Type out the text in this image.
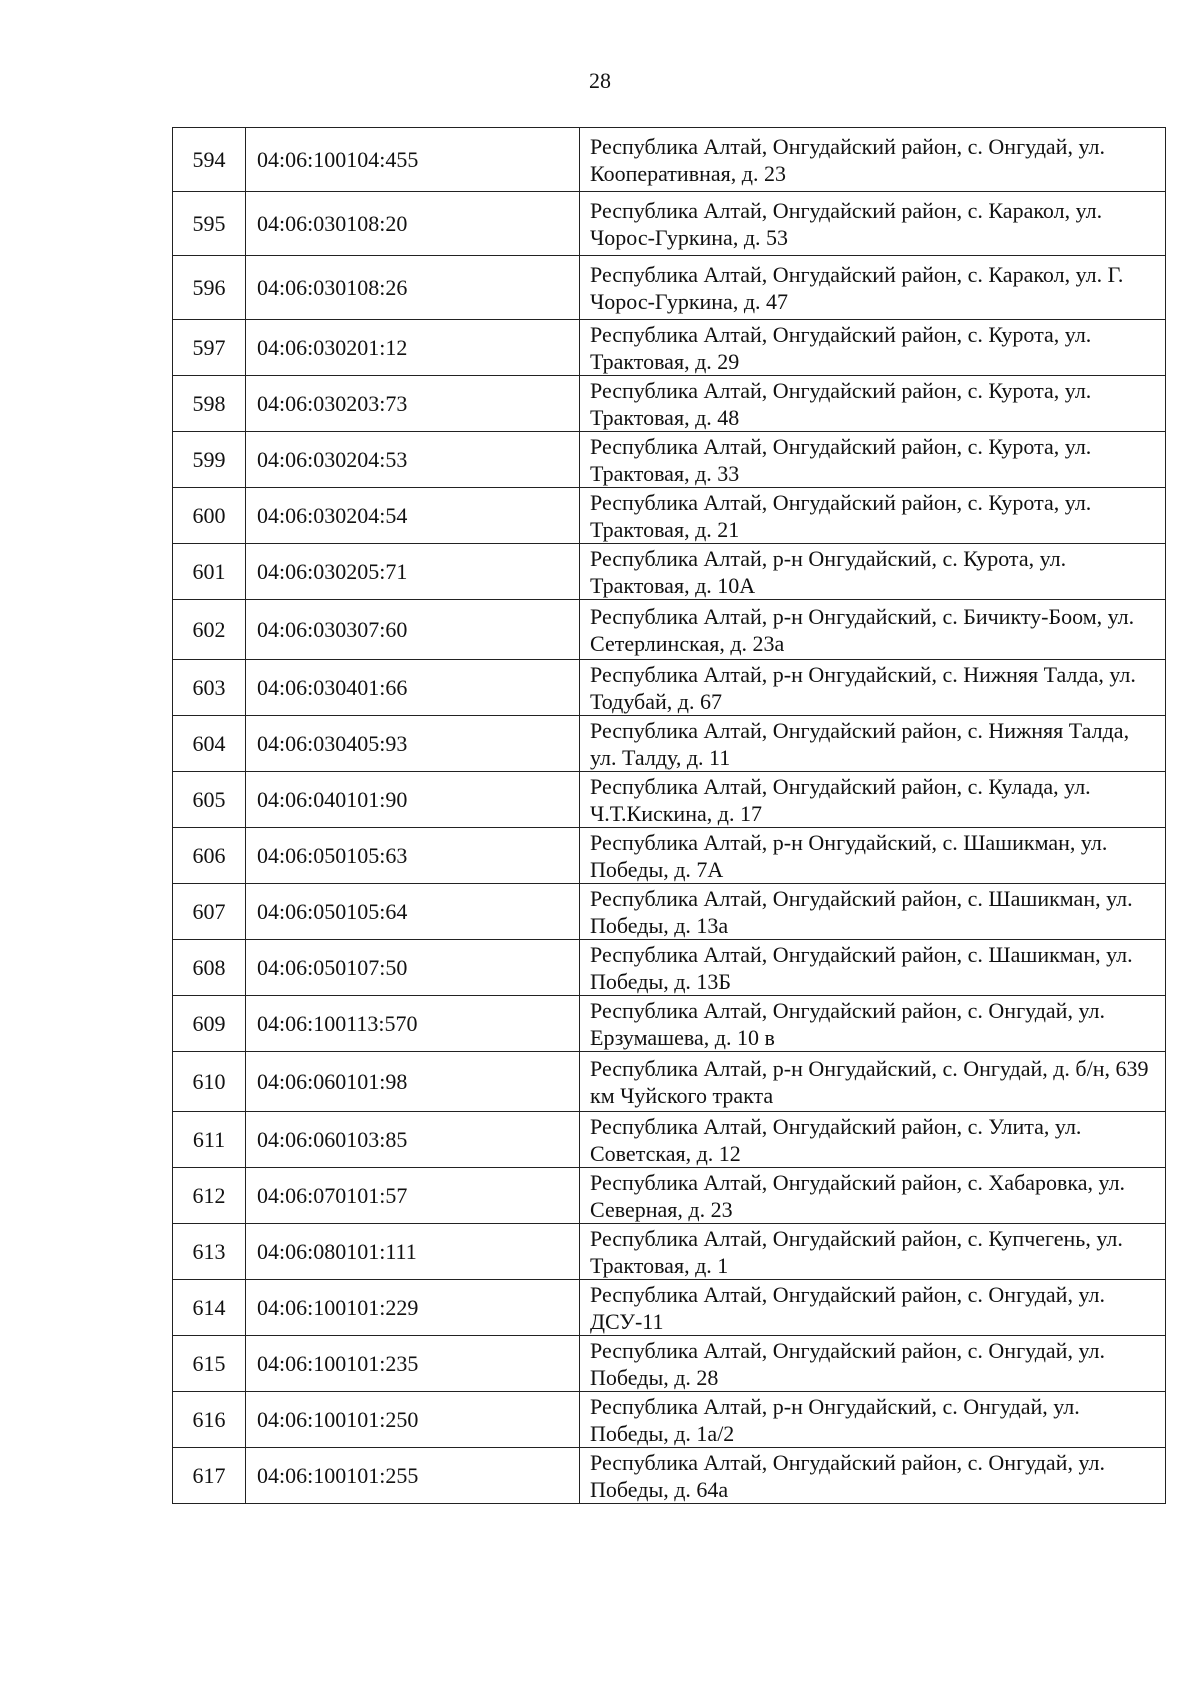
28
594	04:06:100104:455	Республика Алтай, Онгудайский район, с. Онгудай, ул. Кооперативная, д. 23
595	04:06:030108:20	Республика Алтай, Онгудайский район, с. Каракол, ул. Чорос-Гуркина, д. 53
596	04:06:030108:26	Республика Алтай, Онгудайский район, с. Каракол, ул. Г. Чорос-Гуркина, д. 47
597	04:06:030201:12	Республика Алтай, Онгудайский район, с. Курота, ул. Трактовая, д. 29
598	04:06:030203:73	Республика Алтай, Онгудайский район, с. Курота, ул. Трактовая, д. 48
599	04:06:030204:53	Республика Алтай, Онгудайский район, с. Курота, ул. Трактовая, д. 33
600	04:06:030204:54	Республика Алтай, Онгудайский район, с. Курота, ул. Трактовая, д. 21
601	04:06:030205:71	Республика Алтай, р-н Онгудайский, с. Курота, ул. Трактовая, д. 10А
602	04:06:030307:60	Республика Алтай, р-н Онгудайский, с. Бичикту-Боом, ул. Сетерлинская, д. 23а
603	04:06:030401:66	Республика Алтай, р-н Онгудайский, с. Нижняя Талда, ул. Тодубай, д. 67
604	04:06:030405:93	Республика Алтай, Онгудайский район, с. Нижняя Талда, ул. Талду, д. 11
605	04:06:040101:90	Республика Алтай, Онгудайский район, с. Кулада, ул. Ч.Т.Кискина, д. 17
606	04:06:050105:63	Республика Алтай, р-н Онгудайский, с. Шашикман, ул. Победы, д. 7А
607	04:06:050105:64	Республика Алтай, Онгудайский район, с. Шашикман, ул. Победы, д. 13а
608	04:06:050107:50	Республика Алтай, Онгудайский район, с. Шашикман, ул. Победы, д. 13Б
609	04:06:100113:570	Республика Алтай, Онгудайский район, с. Онгудай, ул. Ерзумашева, д. 10 в
610	04:06:060101:98	Республика Алтай, р-н Онгудайский, с. Онгудай, д. б/н, 639 км Чуйского тракта
611	04:06:060103:85	Республика Алтай, Онгудайский район, с. Улита, ул. Советская, д. 12
612	04:06:070101:57	Республика Алтай, Онгудайский район, с. Хабаровка, ул. Северная, д. 23
613	04:06:080101:111	Республика Алтай, Онгудайский район, с. Купчегень, ул. Трактовая, д. 1
614	04:06:100101:229	Республика Алтай, Онгудайский район, с. Онгудай, ул. ДСУ-11
615	04:06:100101:235	Республика Алтай, Онгудайский район, с. Онгудай, ул. Победы, д. 28
616	04:06:100101:250	Республика Алтай, р-н Онгудайский, с. Онгудай, ул. Победы, д. 1а/2
617	04:06:100101:255	Республика Алтай, Онгудайский район, с. Онгудай, ул. Победы, д. 64а
